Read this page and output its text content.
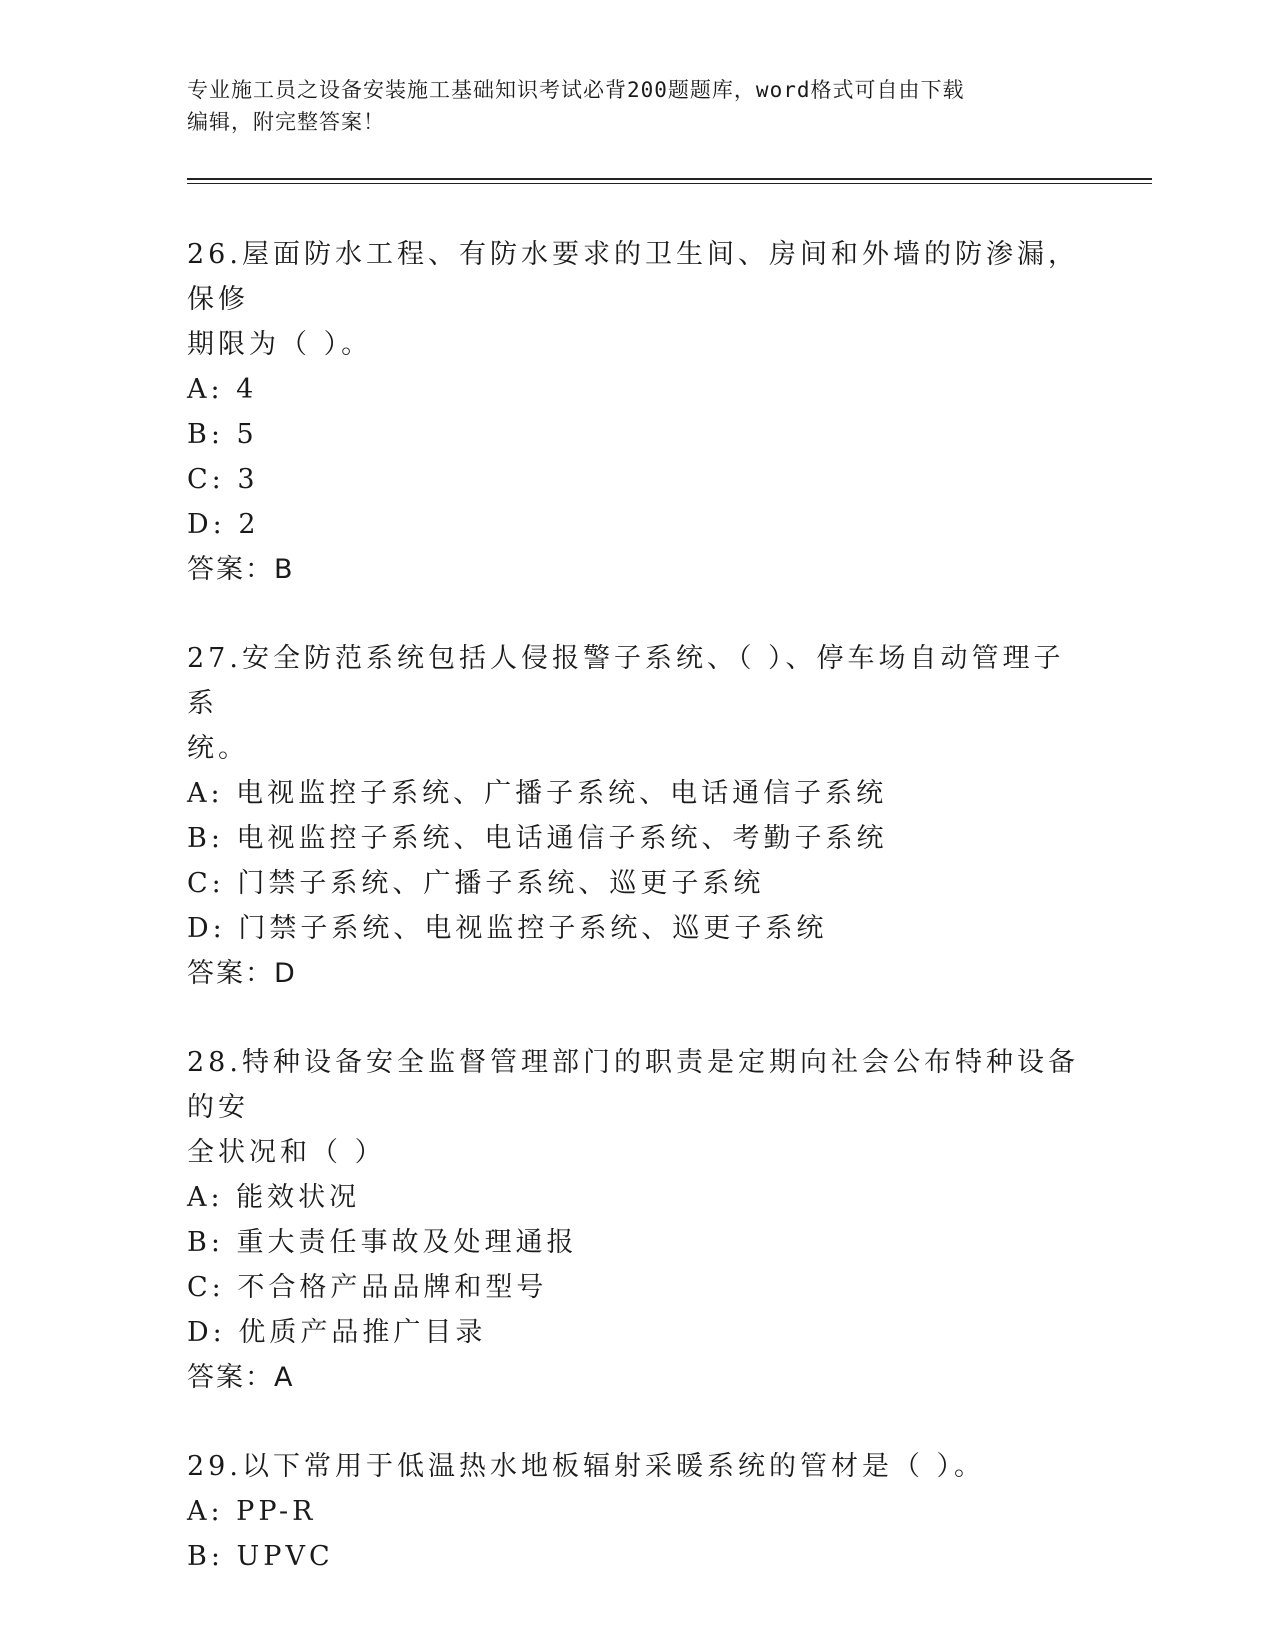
专业施工员之设备安装施工基础知识考试必背200题题库，word格式可自由下载
编辑，附完整答案！

26.屋面防水工程、有防水要求的卫生间、房间和外墙的防渗漏，保修

期限为（ ）。

A: 4

B: 5

C: 3

D: 2

答案：B

27.安全防范系统包括人侵报警子系统、（ ）、停车场自动管理子系

统。

A: 电视监控子系统、广播子系统、电话通信子系统

B: 电视监控子系统、电话通信子系统、考勤子系统

C: 门禁子系统、广播子系统、巡更子系统

D: 门禁子系统、电视监控子系统、巡更子系统

答案：D

28.特种设备安全监督管理部门的职责是定期向社会公布特种设备的安

全状况和（ ）

A: 能效状况

B: 重大责任事故及处理通报

C: 不合格产品品牌和型号

D: 优质产品推广目录

答案：A

29.以下常用于低温热水地板辐射采暖系统的管材是（ ）。

A: PP-R

B: UPVC
